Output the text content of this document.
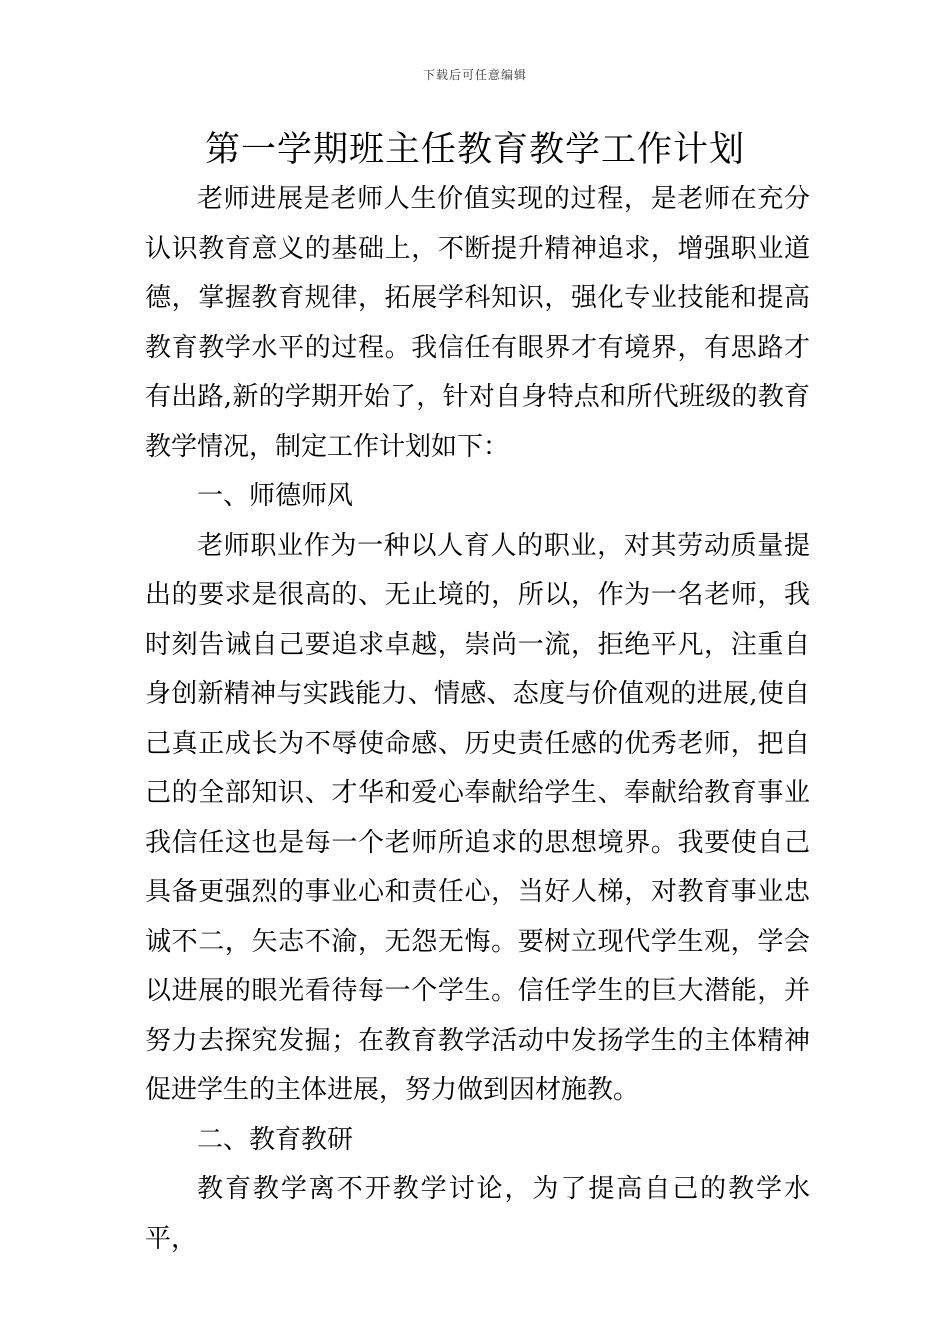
下载后可任意编辑
第一学期班主任教育教学工作计划

老师进展是老师人生价值实现的过程，是老师在充分认识教育意义的基础上，不断提升精神追求，增强职业道德，掌握教育规律，拓展学科知识，强化专业技能和提高教育教学水平的过程。我信任有眼界才有境界，有思路才有出路,新的学期开始了，针对自身特点和所代班级的教育教学情况，制定工作计划如下：

一、师德师风

老师职业作为一种以人育人的职业，对其劳动质量提出的要求是很高的、无止境的，所以，作为一名老师，我时刻告诫自己要追求卓越，崇尚一流，拒绝平凡，注重自身创新精神与实践能力、情感、态度与价值观的进展,使自己真正成长为不辱使命感、历史责任感的优秀老师，把自己的全部知识、才华和爱心奉献给学生、奉献给教育事业我信任这也是每一个老师所追求的思想境界。我要使自己具备更强烈的事业心和责任心，当好人梯，对教育事业忠诚不二，矢志不渝，无怨无悔。要树立现代学生观，学会以进展的眼光看待每一个学生。信任学生的巨大潜能，并努力去探究发掘；在教育教学活动中发扬学生的主体精神促进学生的主体进展，努力做到因材施教。

二、教育教研

教育教学离不开教学讨论，为了提高自己的教学水平，
